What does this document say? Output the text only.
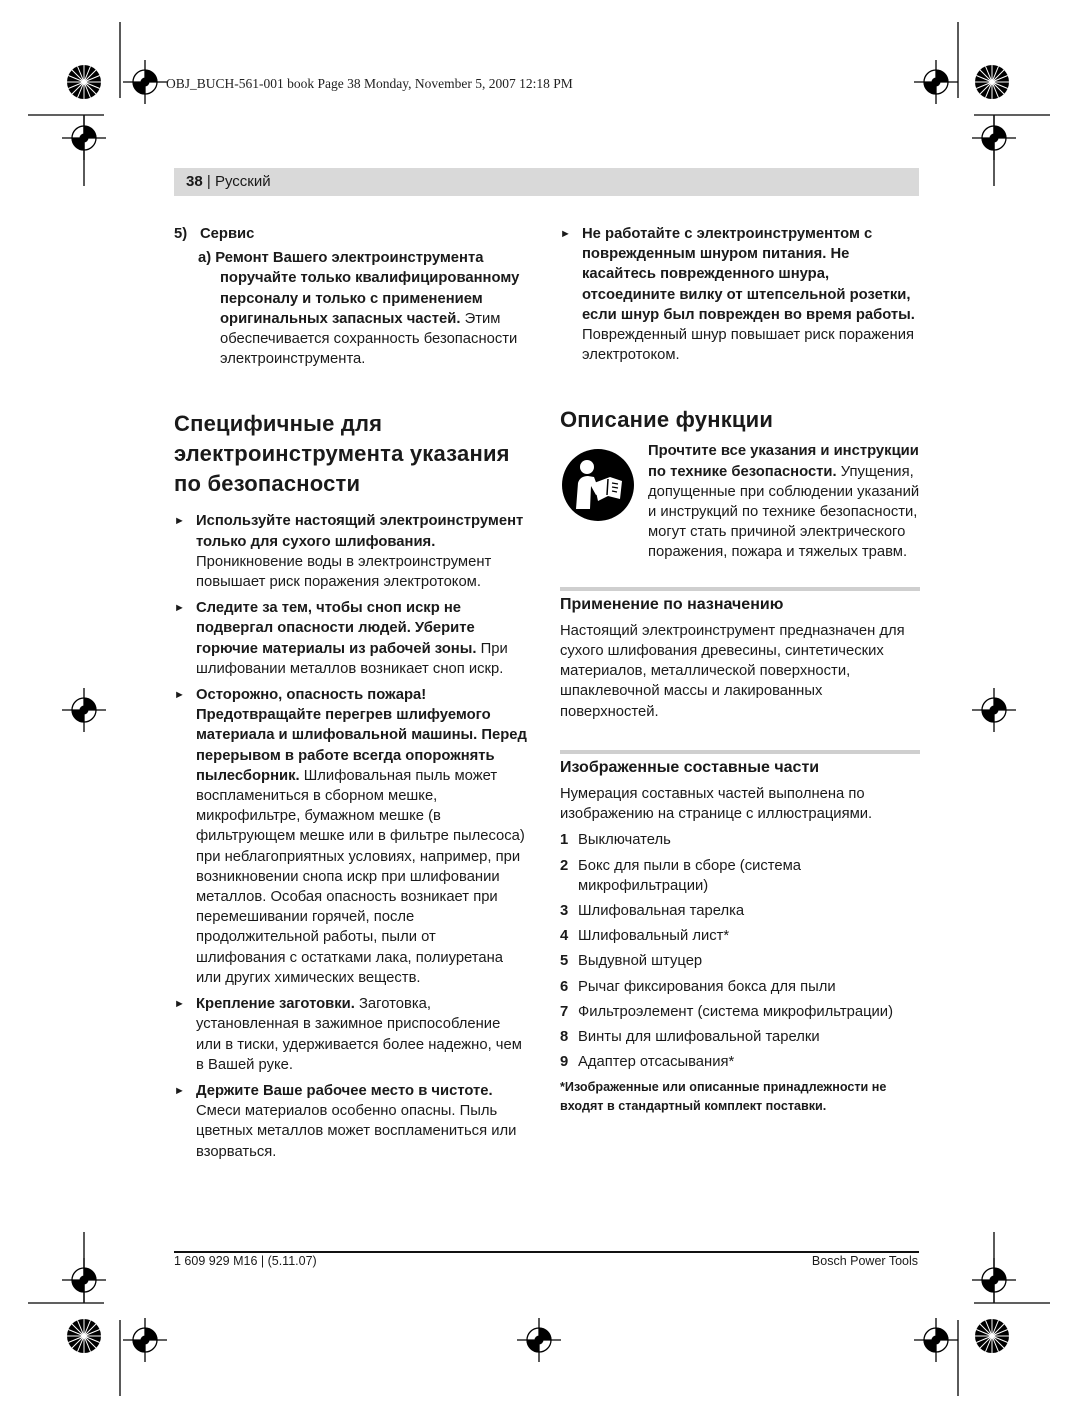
OBJ_BUCH-561-001 book Page 38 Monday, November 5, 2007 12:18 PM
38 | Русский

5) Сервис

a) Ремонт Вашего электроинструмента поручайте только квалифицированному персоналу и только с применением оригинальных запасных частей. Этим обеспечивается сохранность безопасности электроинструмента.

Специфичные для электроинструмента указания по безопасности

► Используйте настоящий электроинструмент только для сухого шлифования. Проникновение воды в электроинструмент повышает риск поражения электротоком.

► Следите за тем, чтобы сноп искр не подвергал опасности людей. Уберите горючие материалы из рабочей зоны. При шлифовании металлов возникает сноп искр.

► Осторожно, опасность пожара! Предотвращайте перегрев шлифуемого материала и шлифовальной машины. Перед перерывом в работе всегда опорожнять пылесборник. Шлифовальная пыль может воспламениться в сборном мешке, микрофильтре, бумажном мешке (в фильтрующем мешке или в фильтре пылесоса) при неблагоприятных условиях, например, при возникновении снопа искр при шлифовании металлов. Особая опасность возникает при перемешивании горячей, после продолжительной работы, пыли от шлифования с остатками лака, полиуретана или других химических веществ.

► Крепление заготовки. Заготовка, установленная в зажимное приспособление или в тиски, удерживается более надежно, чем в Вашей руке.

► Держите Ваше рабочее место в чистоте. Смеси материалов особенно опасны. Пыль цветных металлов может воспламениться или взорваться.

► Не работайте с электроинструментом с поврежденным шнуром питания. Не касайтесь поврежденного шнура, отсоедините вилку от штепсельной розетки, если шнур был поврежден во время работы. Поврежденный шнур повышает риск поражения электротоком.

Описание функции

Прочтите все указания и инструкции по технике безопасности. Упущения, допущенные при соблюдении указаний и инструкций по технике безопасности, могут стать причиной электрического поражения, пожара и тяжелых травм.

Применение по назначению

Настоящий электроинструмент предназначен для сухого шлифования древесины, синтетических материалов, металлической поверхности, шпаклевочной массы и лакированных поверхностей.

Изображенные составные части

Нумерация составных частей выполнена по изображению на странице с иллюстрациями.

1 Выключатель

2 Бокс для пыли в сборе (система микрофильтрации)

3 Шлифовальная тарелка

4 Шлифовальный лист*

5 Выдувной штуцер

6 Рычаг фиксирования бокса для пыли

7 Фильтроэлемент (система микрофильтрации)

8 Винты для шлифовальной тарелки

9 Адаптер отсасывания*

*Изображенные или описанные принадлежности не входят в стандартный комплект поставки.

1 609 929 M16 | (5.11.07)	Bosch Power Tools
